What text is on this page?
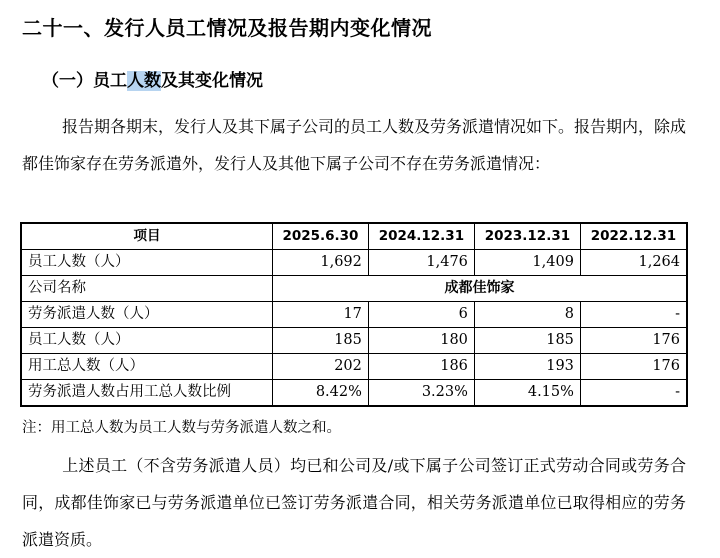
二十一、发行人员工情况及报告期内变化情况
（一）员工人数及其变化情况
报告期各期末，发行人及其下属子公司的员工人数及劳务派遣情况如下。报告期内，除成都佳饰家存在劳务派遣外，发行人及其他下属子公司不存在劳务派遣情况：
项目	2025.6.30	2024.12.31	2023.12.31	2022.12.31
员工人数（人）	1,692	1,476	1,409	1,264
公司名称	成都佳饰家			
劳务派遣人数（人）	17	6	8	-
员工人数（人）	185	180	185	176
用工总人数（人）	202	186	193	176
劳务派遣人数占用工总人数比例	8.42%	3.23%	4.15%	-
注：用工总人数为员工人数与劳务派遣人数之和。
上述员工（不含劳务派遣人员）均已和公司及/或下属子公司签订正式劳动合同或劳务合同，成都佳饰家已与劳务派遣单位已签订劳务派遣合同，相关劳务派遣单位已取得相应的劳务派遣资质。
